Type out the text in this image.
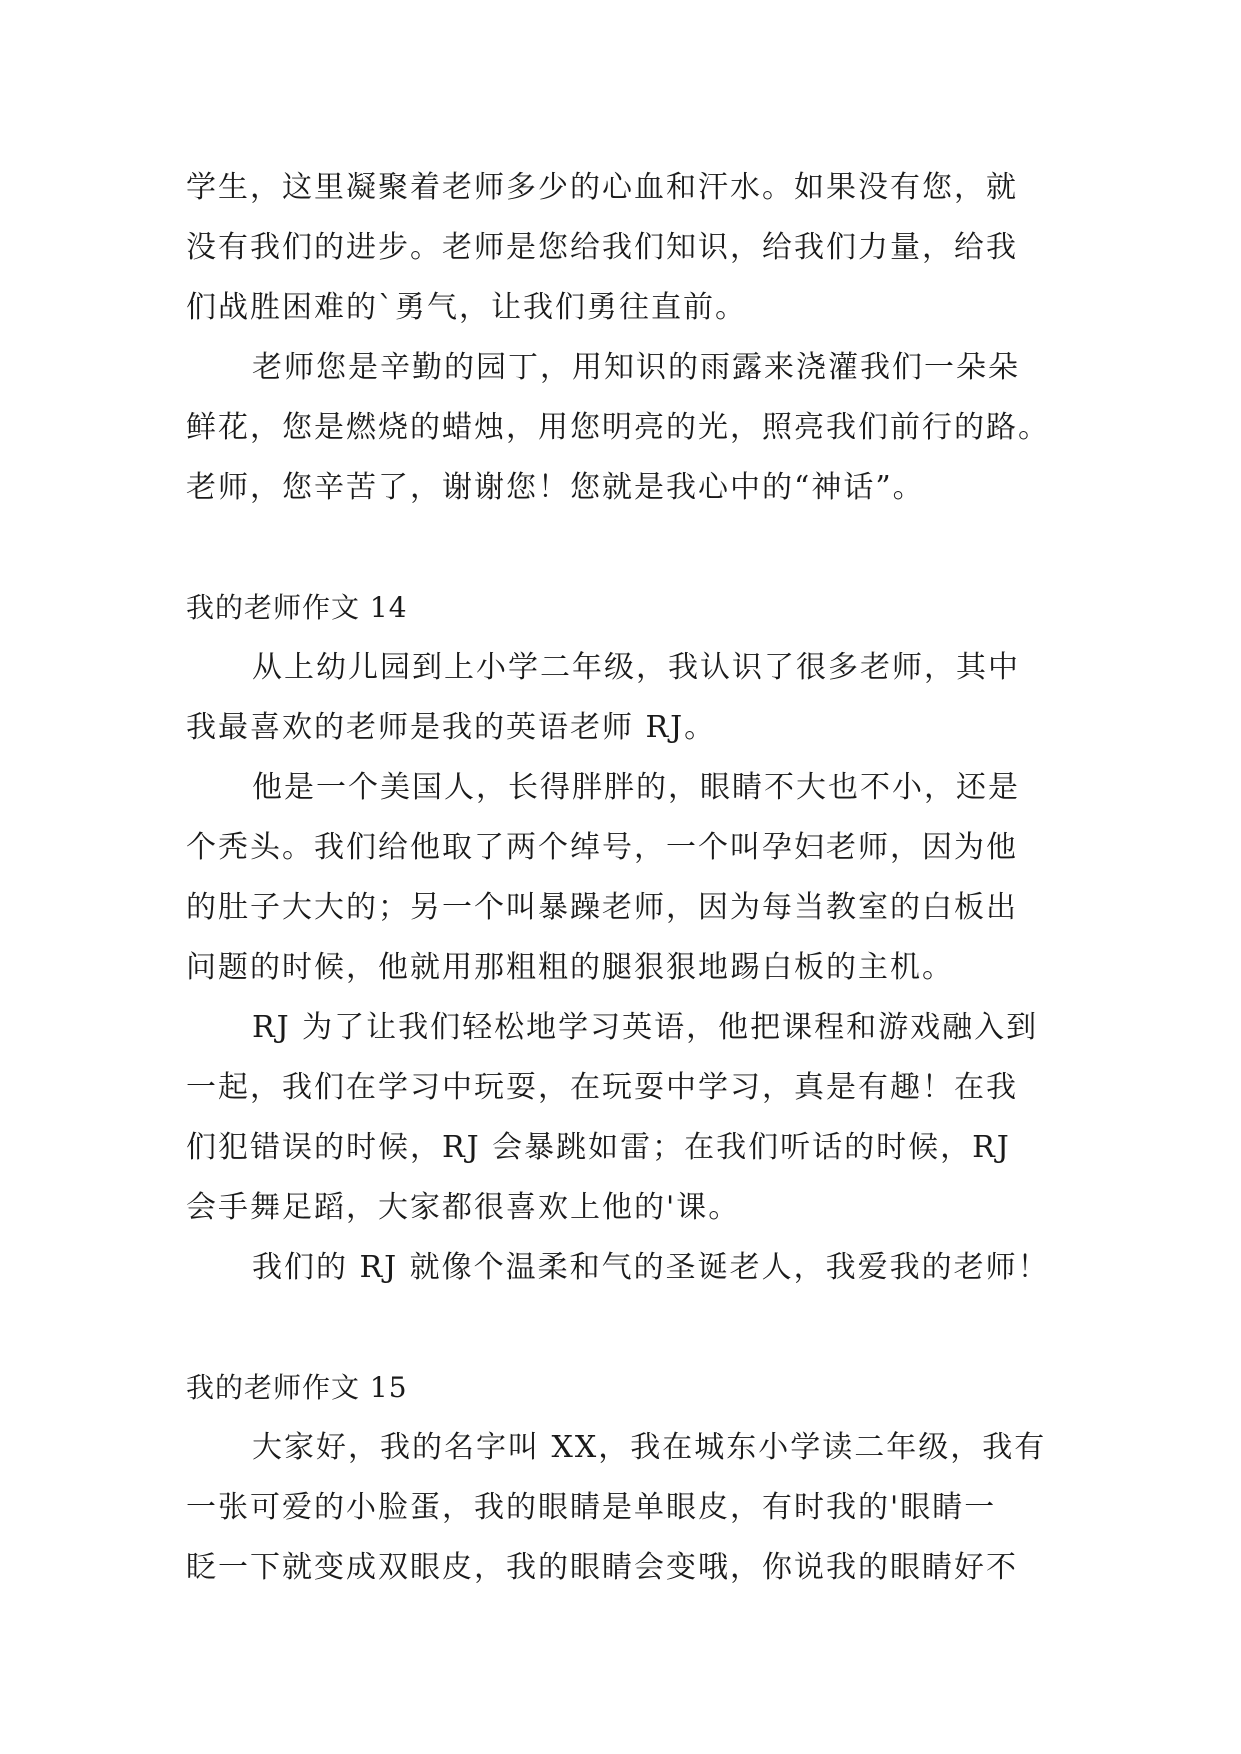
学生，这里凝聚着老师多少的心血和汗水。如果没有您，就
没有我们的进步。老师是您给我们知识，给我们力量，给我
们战胜困难的`勇气，让我们勇往直前。
老师您是辛勤的园丁，用知识的雨露来浇灌我们一朵朵
鲜花，您是燃烧的蜡烛，用您明亮的光，照亮我们前行的路。
老师，您辛苦了，谢谢您！您就是我心中的“神话”。
我的老师作文 14
从上幼儿园到上小学二年级，我认识了很多老师，其中
我最喜欢的老师是我的英语老师 RJ。
他是一个美国人，长得胖胖的，眼睛不大也不小，还是
个秃头。我们给他取了两个绰号，一个叫孕妇老师，因为他
的肚子大大的；另一个叫暴躁老师，因为每当教室的白板出
问题的时候，他就用那粗粗的腿狠狠地踢白板的主机。
RJ 为了让我们轻松地学习英语，他把课程和游戏融入到
一起，我们在学习中玩耍，在玩耍中学习，真是有趣！在我
们犯错误的时候，RJ 会暴跳如雷；在我们听话的时候，RJ
会手舞足蹈，大家都很喜欢上他的'课。
我们的 RJ 就像个温柔和气的圣诞老人，我爱我的老师！
我的老师作文 15
大家好，我的名字叫 XX，我在城东小学读二年级，我有
一张可爱的小脸蛋，我的眼睛是单眼皮，有时我的'眼睛一
眨一下就变成双眼皮，我的眼睛会变哦，你说我的眼睛好不
